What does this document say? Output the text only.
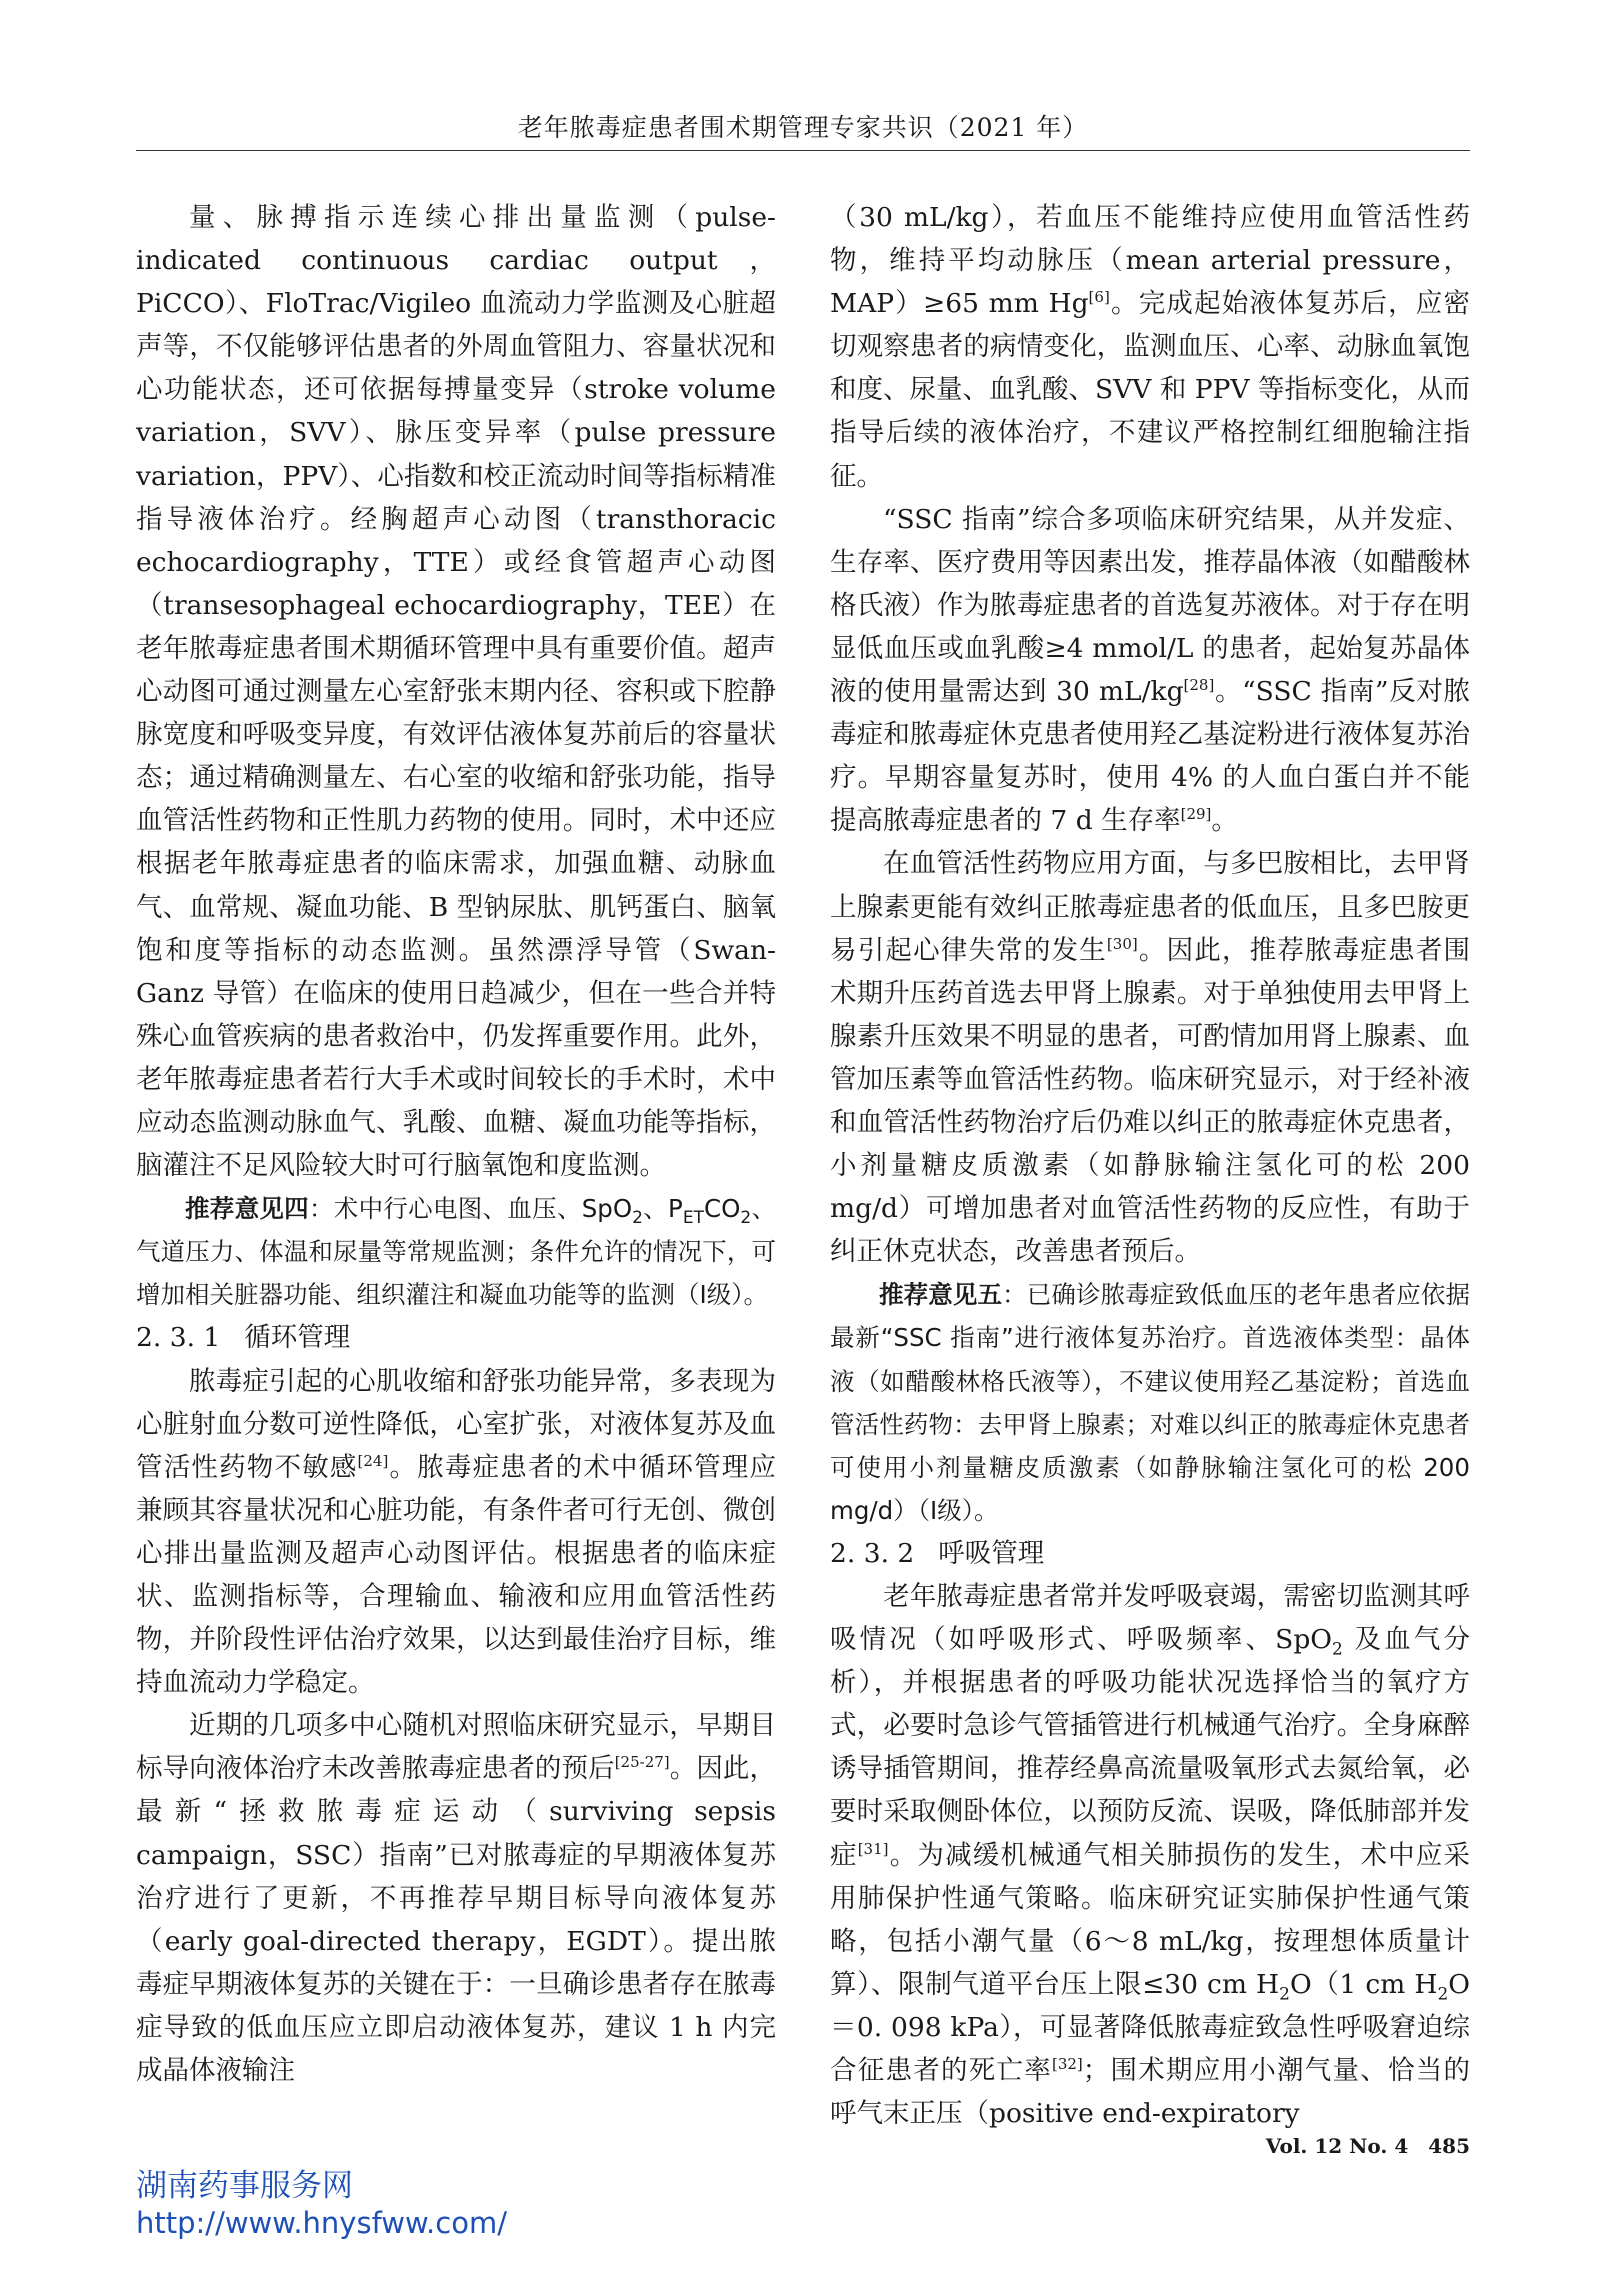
老年脓毒症患者围术期管理专家共识（2021 年）

量、脉搏指示连续心排出量监测（pulse-indicated continuous cardiac output，PiCCO）、FloTrac/Vigileo 血流动力学监测及心脏超声等，不仅能够评估患者的外周血管阻力、容量状况和心功能状态，还可依据每搏量变异（stroke volume variation，SVV）、脉压变异率（pulse pressure variation，PPV）、心指数和校正流动时间等指标精准指导液体治疗。经胸超声心动图（transthoracic echocardiography，TTE）或经食管超声心动图（transesophageal echocardiography，TEE）在老年脓毒症患者围术期循环管理中具有重要价值。超声心动图可通过测量左心室舒张末期内径、容积或下腔静脉宽度和呼吸变异度，有效评估液体复苏前后的容量状态；通过精确测量左、右心室的收缩和舒张功能，指导血管活性药物和正性肌力药物的使用。同时，术中还应根据老年脓毒症患者的临床需求，加强血糖、动脉血气、血常规、凝血功能、B 型钠尿肽、肌钙蛋白、脑氧饱和度等指标的动态监测。虽然漂浮导管（Swan-Ganz 导管）在临床的使用日趋减少，但在一些合并特殊心血管疾病的患者救治中，仍发挥重要作用。此外，老年脓毒症患者若行大手术或时间较长的手术时，术中应动态监测动脉血气、乳酸、血糖、凝血功能等指标，脑灌注不足风险较大时可行脑氧饱和度监测。

推荐意见四：术中行心电图、血压、SpO$_2$、$P_{ET}CO_2$、气道压力、体温和尿量等常规监测；条件允许的情况下，可增加相关脏器功能、组织灌注和凝血功能等的监测（Ⅰ级）。

2. 3. 1 循环管理

脓毒症引起的心肌收缩和舒张功能异常，多表现为心脏射血分数可逆性降低，心室扩张，对液体复苏及血管活性药物不敏感[24]。脓毒症患者的术中循环管理应兼顾其容量状况和心脏功能，有条件者可行无创、微创心排出量监测及超声心动图评估。根据患者的临床症状、监测指标等，合理输血、输液和应用血管活性药物，并阶段性评估治疗效果，以达到最佳治疗目标，维持血流动力学稳定。

近期的几项多中心随机对照临床研究显示，早期目标导向液体治疗未改善脓毒症患者的预后[25-27]。因此，最新“拯救脓毒症运动（surviving sepsis campaign，SSC）指南”已对脓毒症的早期液体复苏治疗进行了更新，不再推荐早期目标导向液体复苏（early goal-directed therapy，EGDT）。提出脓毒症早期液体复苏的关键在于：一旦确诊患者存在脓毒症导致的低血压应立即启动液体复苏，建议 1 h 内完成晶体液输注

（30 mL/kg），若血压不能维持应使用血管活性药物，维持平均动脉压（mean arterial pressure，MAP）≥65 mm Hg[6]。完成起始液体复苏后，应密切观察患者的病情变化，监测血压、心率、动脉血氧饱和度、尿量、血乳酸、SVV 和 PPV 等指标变化，从而指导后续的液体治疗，不建议严格控制红细胞输注指征。

“SSC 指南”综合多项临床研究结果，从并发症、生存率、医疗费用等因素出发，推荐晶体液（如醋酸林格氏液）作为脓毒症患者的首选复苏液体。对于存在明显低血压或血乳酸≥4 mmol/L 的患者，起始复苏晶体液的使用量需达到 30 mL/kg[28]。“SSC 指南”反对脓毒症和脓毒症休克患者使用羟乙基淀粉进行液体复苏治疗。早期容量复苏时，使用 4% 的人血白蛋白并不能提高脓毒症患者的 7 d 生存率[29]。

在血管活性药物应用方面，与多巴胺相比，去甲肾上腺素更能有效纠正脓毒症患者的低血压，且多巴胺更易引起心律失常的发生[30]。因此，推荐脓毒症患者围术期升压药首选去甲肾上腺素。对于单独使用去甲肾上腺素升压效果不明显的患者，可酌情加用肾上腺素、血管加压素等血管活性药物。临床研究显示，对于经补液和血管活性药物治疗后仍难以纠正的脓毒症休克患者，小剂量糖皮质激素（如静脉输注氢化可的松 200 mg/d）可增加患者对血管活性药物的反应性，有助于纠正休克状态，改善患者预后。

推荐意见五：已确诊脓毒症致低血压的老年患者应依据最新“SSC 指南”进行液体复苏治疗。首选液体类型：晶体液（如醋酸林格氏液等），不建议使用羟乙基淀粉；首选血管活性药物：去甲肾上腺素；对难以纠正的脓毒症休克患者可使用小剂量糖皮质激素（如静脉输注氢化可的松 200 mg/d）（Ⅰ级）。

2. 3. 2 呼吸管理

老年脓毒症患者常并发呼吸衰竭，需密切监测其呼吸情况（如呼吸形式、呼吸频率、SpO$_2$ 及血气分析），并根据患者的呼吸功能状况选择恰当的氧疗方式，必要时急诊气管插管进行机械通气治疗。全身麻醉诱导插管期间，推荐经鼻高流量吸氧形式去氮给氧，必要时采取侧卧体位，以预防反流、误吸，降低肺部并发症[31]。为减缓机械通气相关肺损伤的发生，术中应采用肺保护性通气策略。临床研究证实肺保护性通气策略，包括小潮气量（6～8 mL/kg，按理想体质量计算）、限制气道平台压上限≤30 cm $H_2O(1$ cm $H_2O=0$. 098 kPa），可显著降低脓毒症致急性呼吸窘迫综合征患者的死亡率[32]；围术期应用小潮气量、恰当的呼气末正压（positive end-expiratory

Vol. 12 No. 4　485
湖南药事服务网
http://www.hnysfww.com/
